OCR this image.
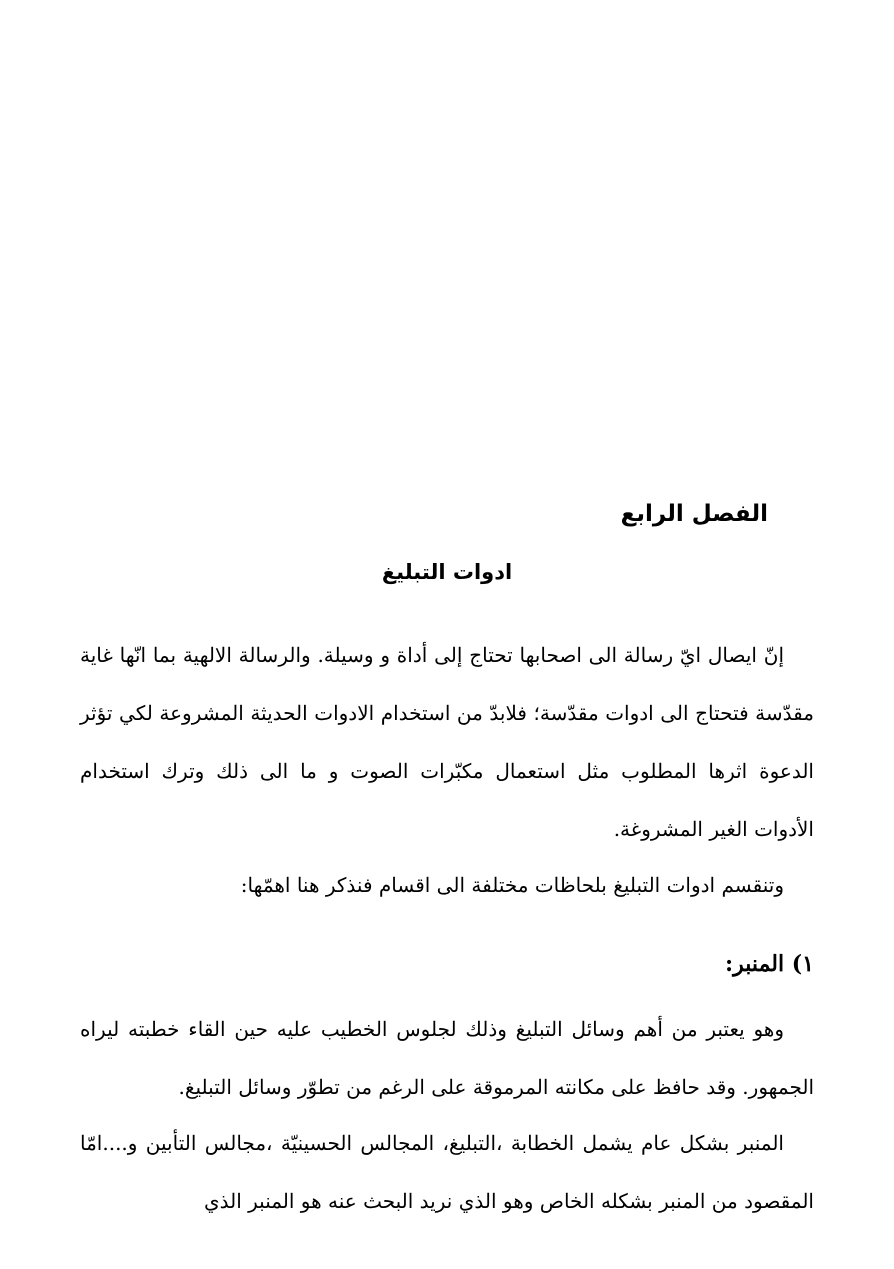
الفصل الرابع
ادوات التبليغ

إنّ ايصال ايّ رسالة الى اصحابها تحتاج إلى أداة و وسيلة. والرسالة الالهية بما انّها غاية مقدّسة فتحتاج الى ادوات مقدّسة؛ فلابدّ من استخدام الادوات الحديثة المشروعة لكي تؤثر الدعوة اثرها المطلوب مثل استعمال مكبّرات الصوت و ما الى ذلك وترك استخدام الأدوات الغير المشروغة.

وتنقسم ادوات التبليغ بلحاظات مختلفة الى اقسام فنذكر هنا اهمّها:

۱) المنبر:

وهو يعتبر من أهم وسائل التبليغ وذلك لجلوس الخطيب عليه حين القاء خطبته ليراه الجمهور. وقد حافظ على مكانته المرموقة على الرغم من تطوّر وسائل التبليغ.

المنبر بشكل عام يشمل الخطابة ،التبليغ، المجالس الحسينيّة ،مجالس التأبين و....امّا المقصود من المنبر بشكله الخاص وهو الذي نريد البحث عنه هو المنبر الذي
